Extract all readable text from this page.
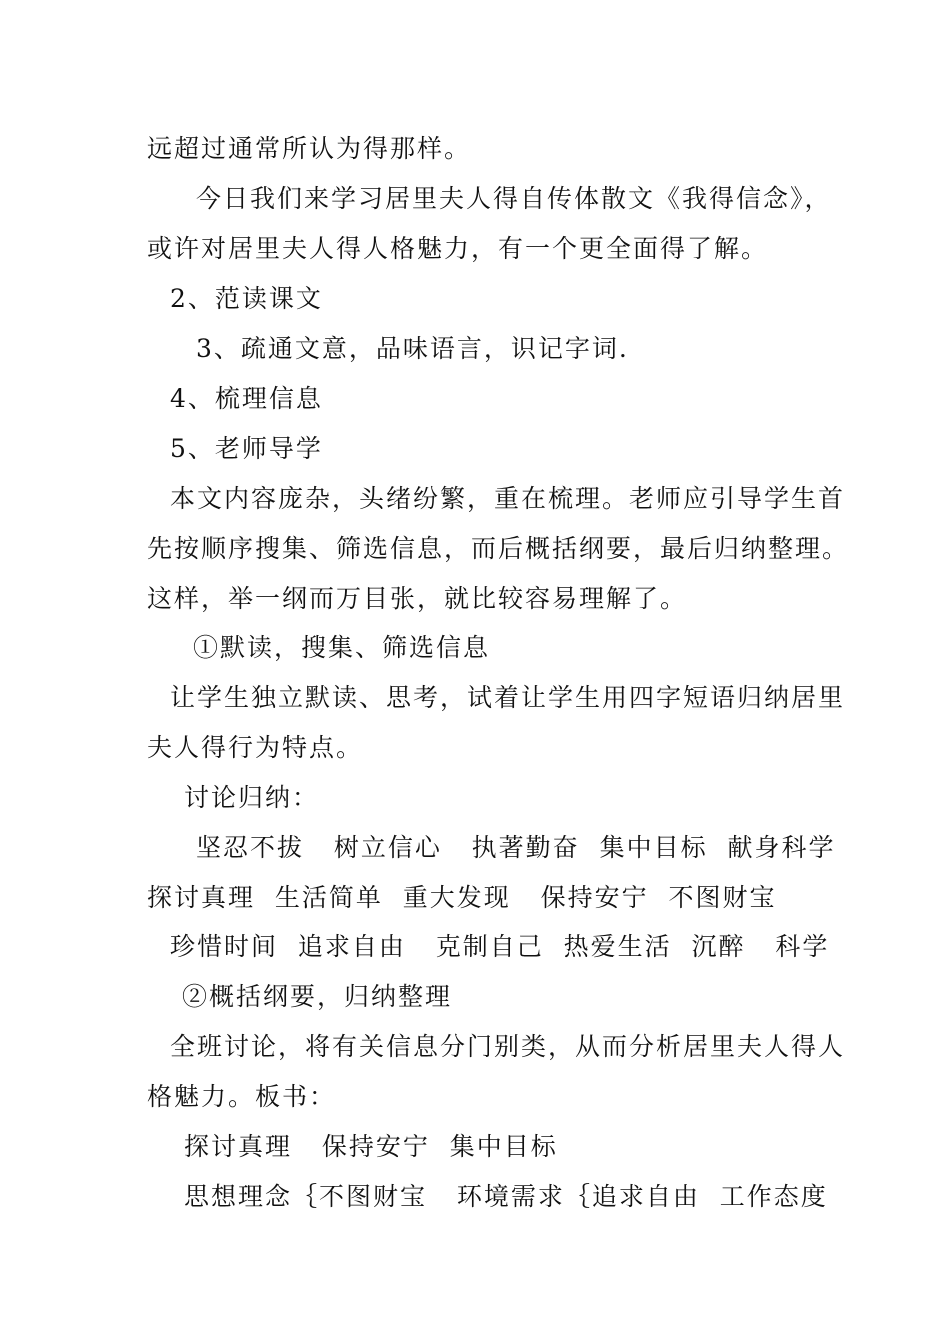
远超过通常所认为得那样。
今日我们来学习居里夫人得自传体散文《我得信念》，
或许对居里夫人得人格魅力，有一个更全面得了解。
2、范读课文
3、疏通文意，品味语言，识记字词.
4、梳理信息
5、老师导学
本文内容庞杂，头绪纷繁，重在梳理。老师应引导学生首
先按顺序搜集、筛选信息，而后概括纲要，最后归纳整理。
这样，举一纲而万目张，就比较容易理解了。
①默读，搜集、筛选信息
让学生独立默读、思考，试着让学生用四字短语归纳居里
夫人得行为特点。
讨论归纳：
坚忍不拔   树立信心   执著勤奋  集中目标  献身科学
探讨真理  生活简单  重大发现   保持安宁  不图财宝
珍惜时间  追求自由   克制自己  热爱生活  沉醉   科学
②概括纲要，归纳整理
全班讨论，将有关信息分门别类，从而分析居里夫人得人
格魅力。板书：
探讨真理   保持安宁  集中目标
思想理念｛不图财宝   环境需求｛追求自由  工作态度
